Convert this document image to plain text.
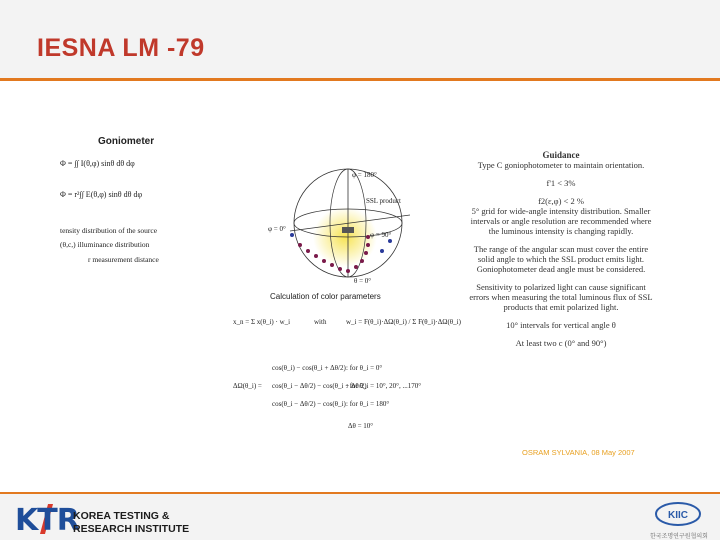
IESNA LM -79
Goniometer
Φ = ∫∫ I(θ,φ) sinθ dθ dφ
Φ = r²∫∫ E(θ,φ) sinθ dθ dφ
tensity distribution of the source
(θ,c,) illuminance distribution
r measurement distance
φ = 180°
φ = 0°
φ = 90°
θ = 0°
SSL product
Calculation of color parameters
x_n = Σ x(θ_i) · w_i	with	w_i = F(θ_i)·ΔΩ(θ_i) / Σ F(θ_i)·ΔΩ(θ_i)
ΔΩ(θ_i) =
cos(θ_i) − cos(θ_i + Δθ/2)
cos(θ_i − Δθ/2) − cos(θ_i + Δθ/2)
cos(θ_i − Δθ/2) − cos(θ_i)
: for θ_i = 0°
: for θ_i = 10°, 20°, ...170°
: for θ_i = 180°
Δθ = 10°
Guidance
Type C goniophotometer to maintain orientation.
f'1 < 3%
f2(ε,φ) < 2 %
5° grid for wide-angle intensity distribution. Smaller intervals or angle resolution are recommended where the luminous intensity is changing rapidly.
The range of the angular scan must cover the entire solid angle to which the SSL product emits light.
Goniophotometer dead angle must be considered.
Sensitivity to polarized light can cause significant errors when measuring the total luminous flux of SSL products that emit polarized light.
10° intervals for vertical angle θ
At least two c (0° and 90°)
OSRAM SYLVANIA, 08 May 2007
KTR
KOREA TESTING &
RESEARCH INSTITUTE
KIIC
한국조명연구원협의회
